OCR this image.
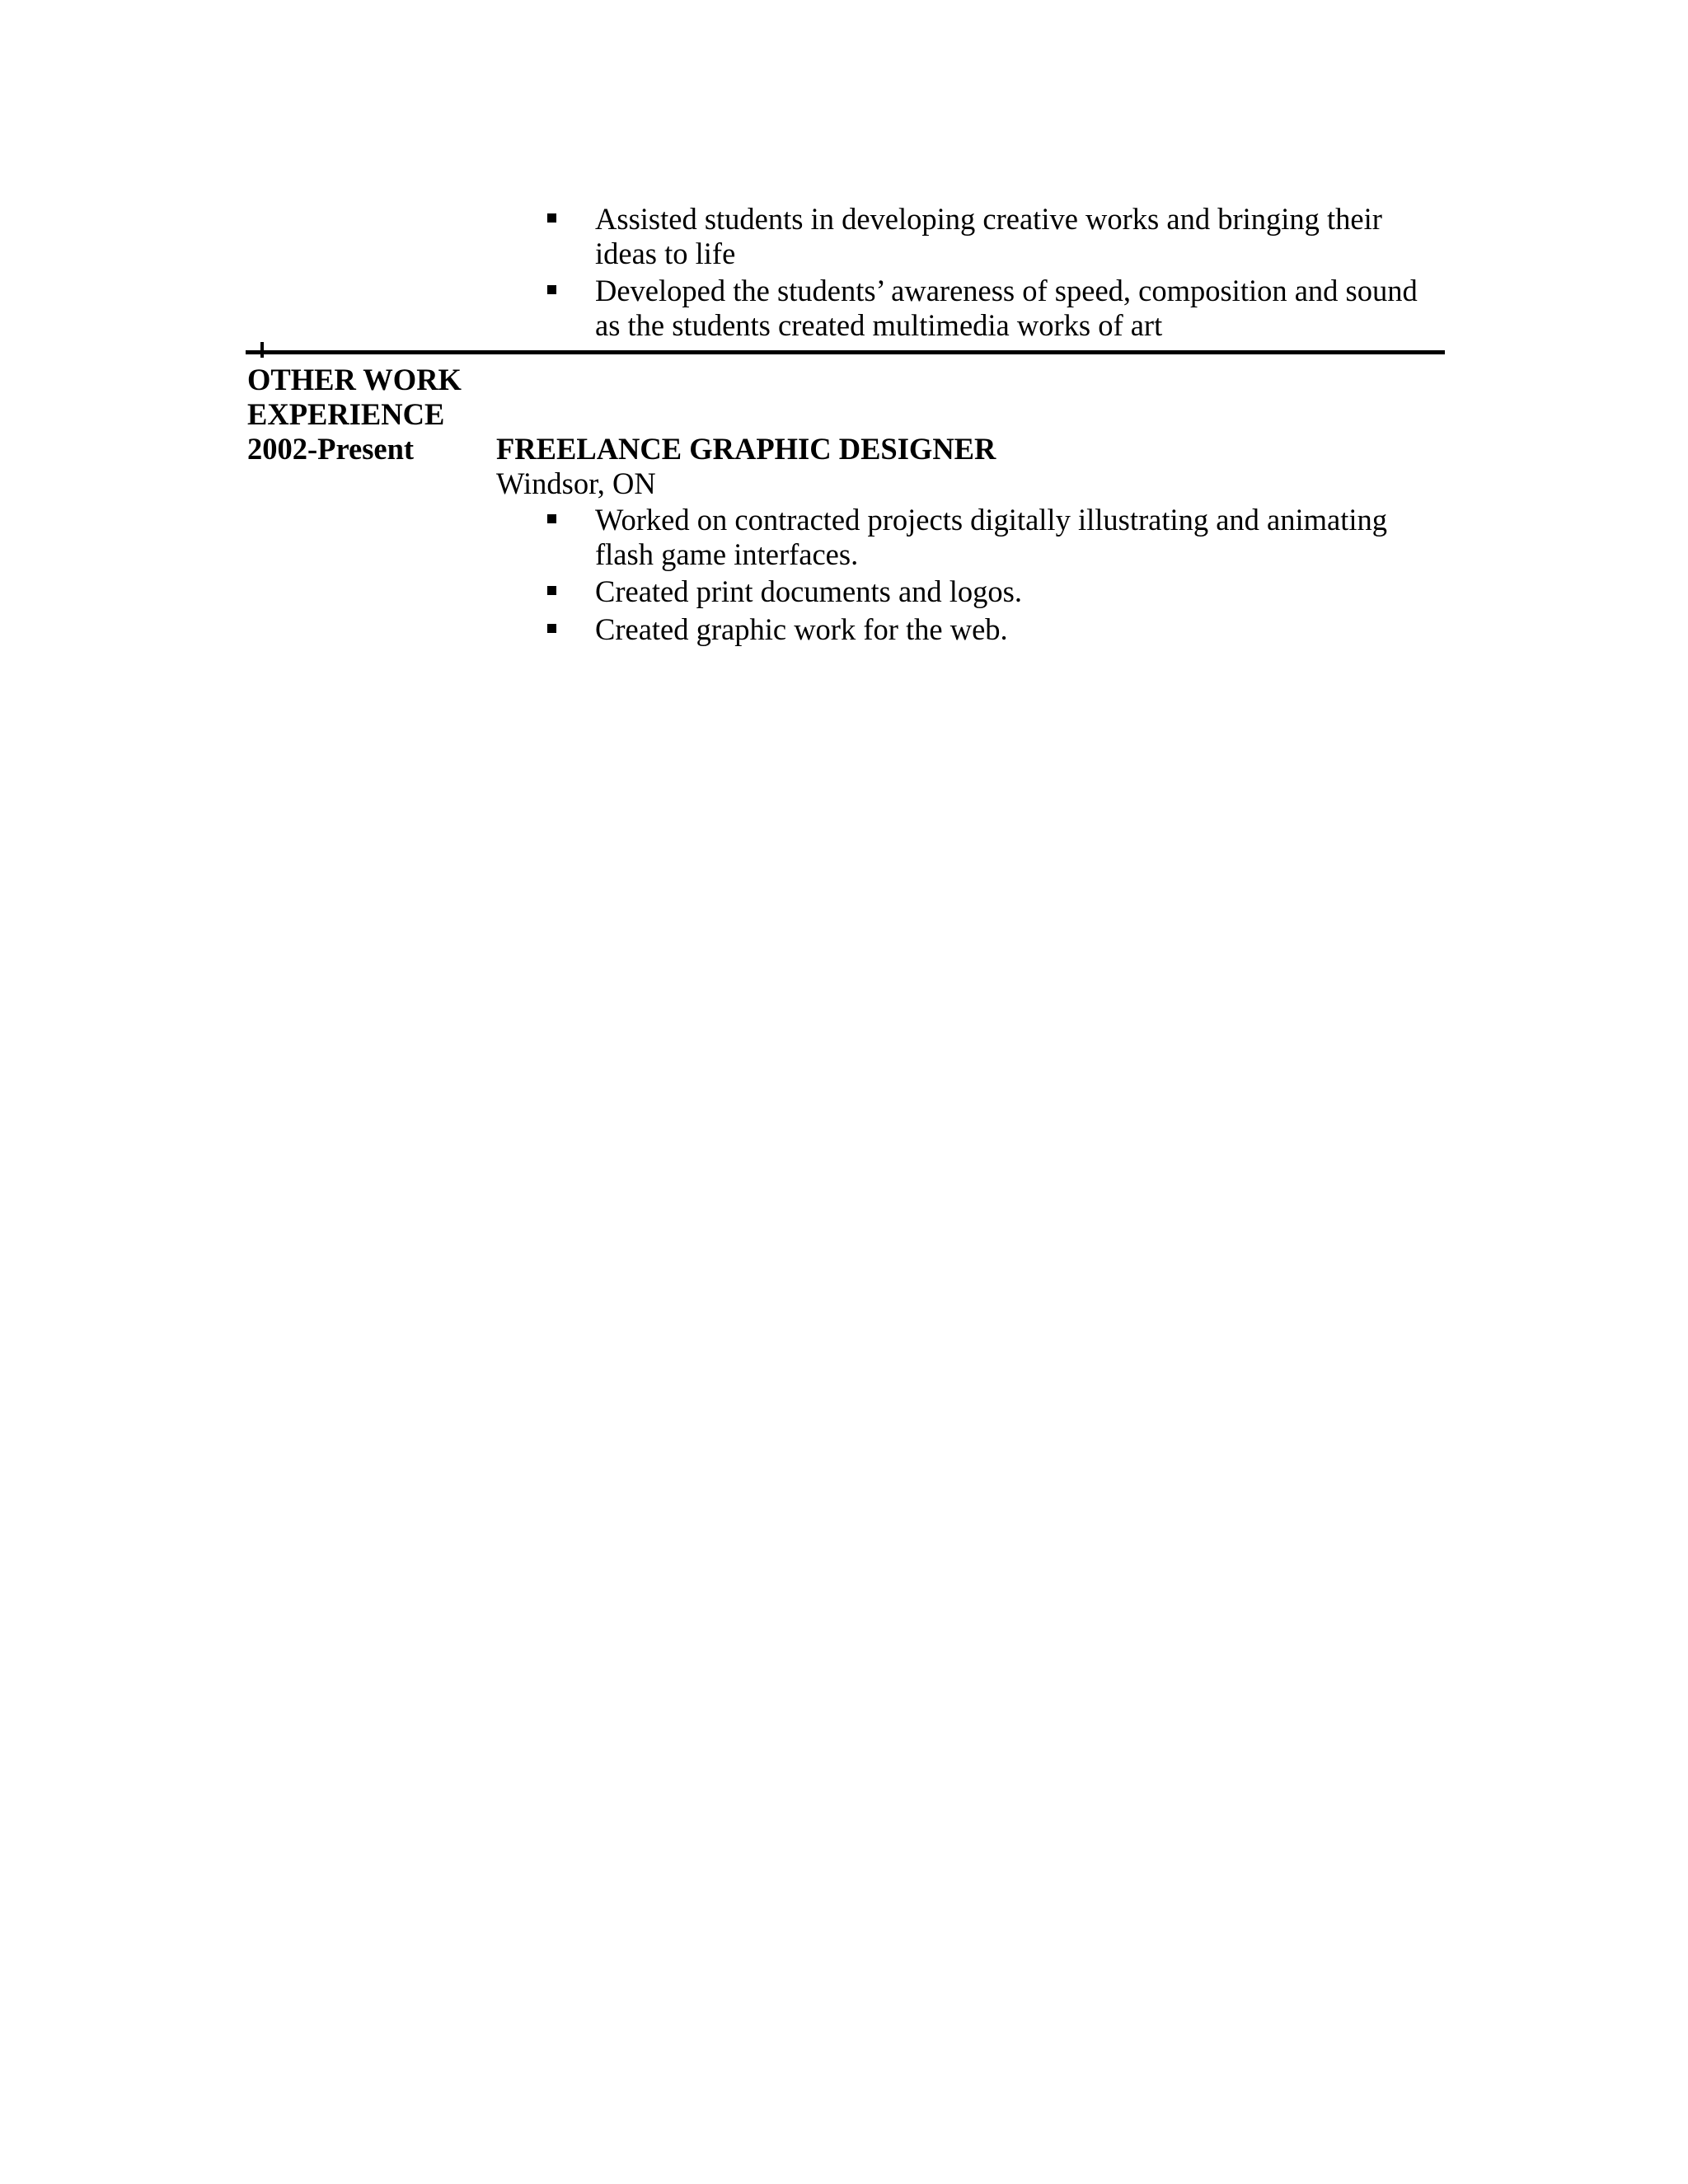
Assisted students in developing creative works and bringing their
ideas to life
Developed the students’ awareness of speed, composition and sound
as the students created multimedia works of art
OTHER WORK
EXPERIENCE
2002-Present	FREELANCE GRAPHIC DESIGNER
Windsor, ON
Worked on contracted projects digitally illustrating and animating
flash game interfaces.
Created print documents and logos.
Created graphic work for the web.
